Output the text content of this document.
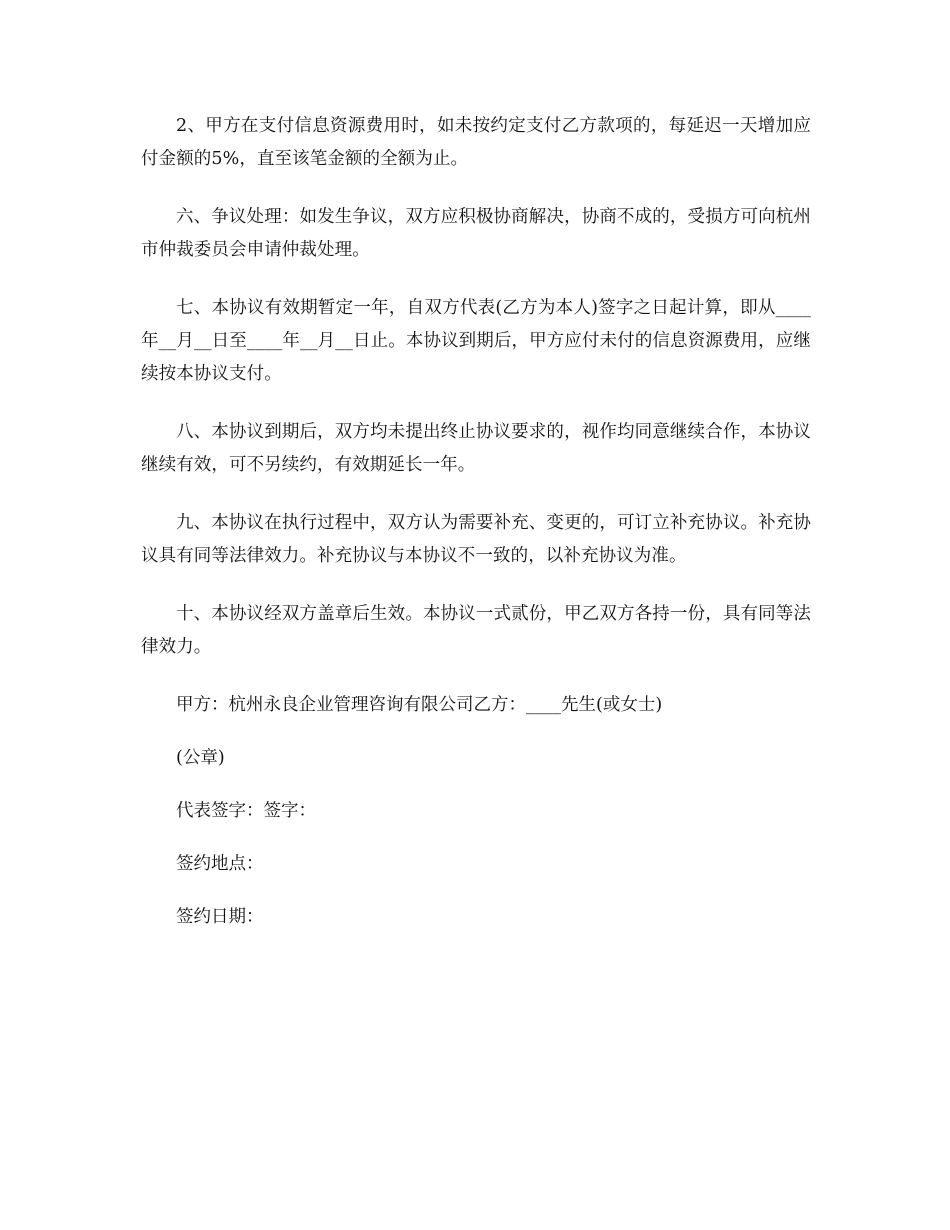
2、甲方在支付信息资源费用时，如未按约定支付乙方款项的，每延迟一天增加应付金额的5%，直至该笔金额的全额为止。

六、争议处理：如发生争议，双方应积极协商解决，协商不成的，受损方可向杭州市仲裁委员会申请仲裁处理。

七、本协议有效期暂定一年，自双方代表(乙方为本人)签字之日起计算，即从____年__月__日至____年__月__日止。本协议到期后，甲方应付未付的信息资源费用，应继续按本协议支付。

八、本协议到期后，双方均未提出终止协议要求的，视作均同意继续合作，本协议继续有效，可不另续约，有效期延长一年。

九、本协议在执行过程中，双方认为需要补充、变更的，可订立补充协议。补充协议具有同等法律效力。补充协议与本协议不一致的，以补充协议为准。

十、本协议经双方盖章后生效。本协议一式贰份，甲乙双方各持一份，具有同等法律效力。

甲方：杭州永良企业管理咨询有限公司乙方：____先生(或女士)

(公章)

代表签字：签字：

签约地点：

签约日期：
